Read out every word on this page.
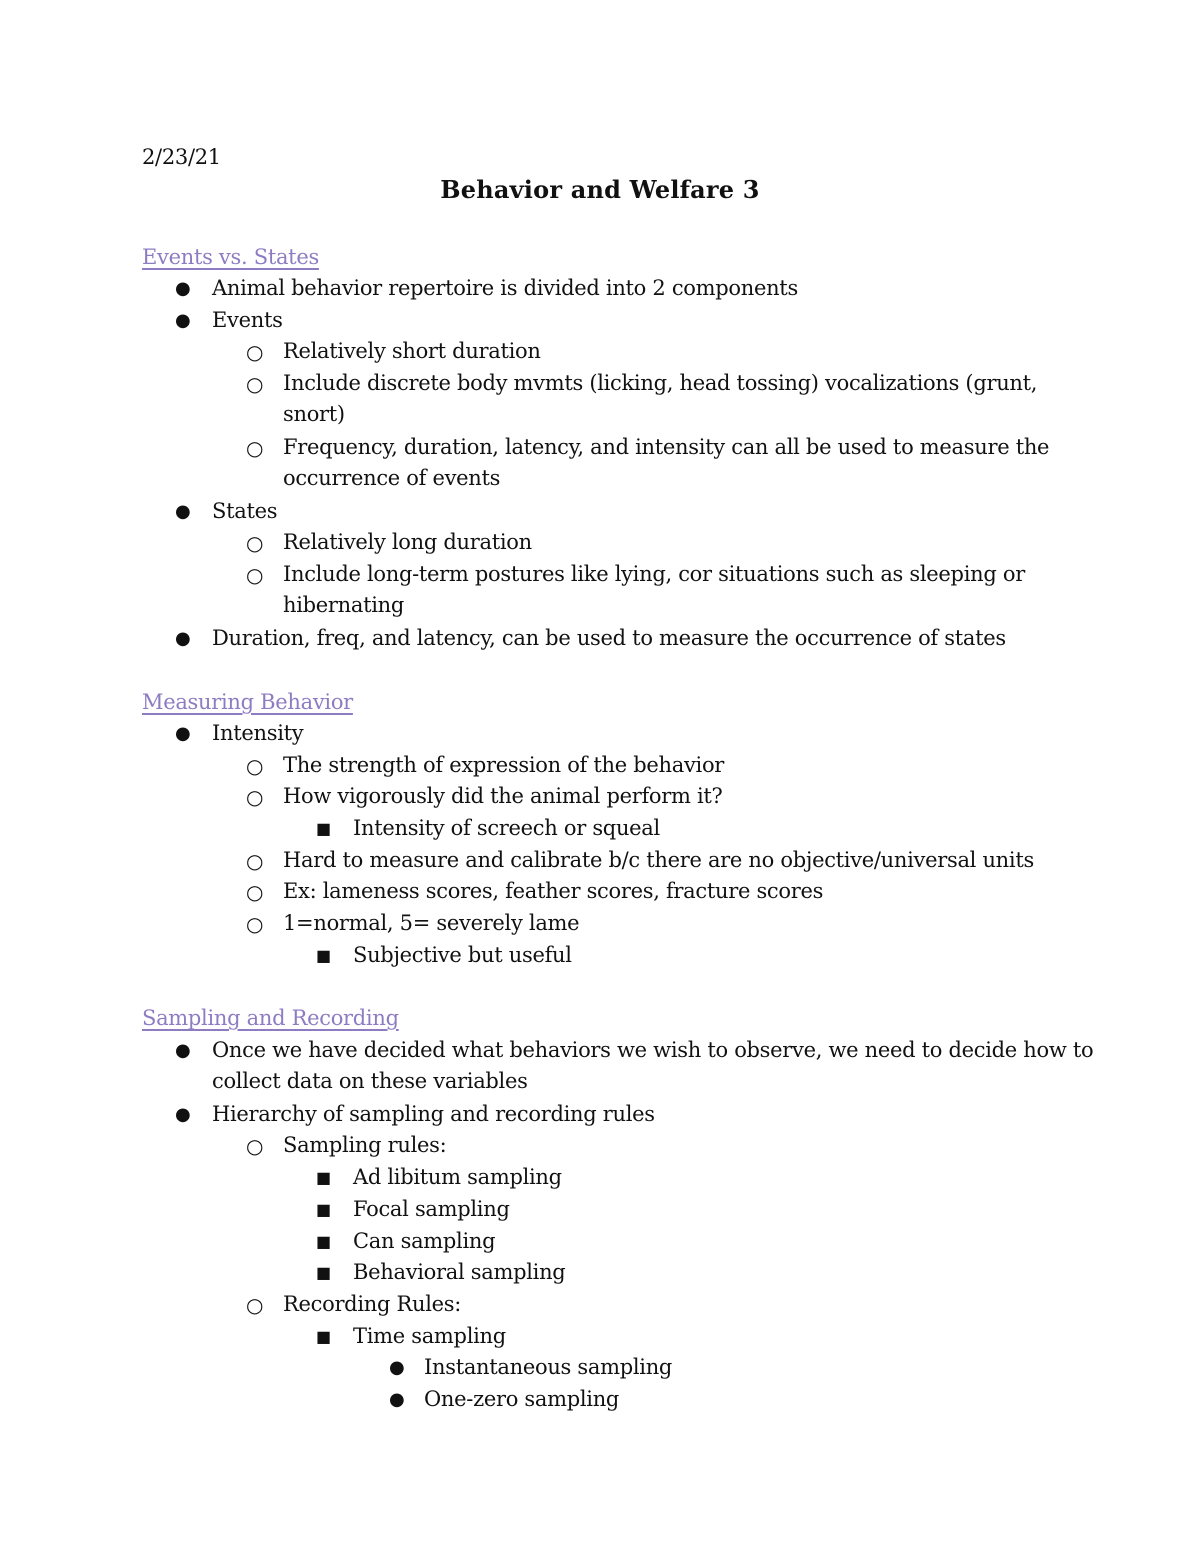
2/23/21
Behavior and Welfare 3
Events vs. States
● Animal behavior repertoire is divided into 2 components
● Events
○ Relatively short duration
○ Include discrete body mvmts (licking, head tossing) vocalizations (grunt,
snort)
○ Frequency, duration, latency, and intensity can all be used to measure the
occurrence of events
● States
○ Relatively long duration
○ Include long-term postures like lying, cor situations such as sleeping or
hibernating
● Duration, freq, and latency, can be used to measure the occurrence of states
Measuring Behavior
● Intensity
○ The strength of expression of the behavior
○ How vigorously did the animal perform it?
■ Intensity of screech or squeal
○ Hard to measure and calibrate b/c there are no objective/universal units
○ Ex: lameness scores, feather scores, fracture scores
○ 1=normal, 5= severely lame
■ Subjective but useful
Sampling and Recording
● Once we have decided what behaviors we wish to observe, we need to decide how to
collect data on these variables
● Hierarchy of sampling and recording rules
○ Sampling rules:
■ Ad libitum sampling
■ Focal sampling
■ Can sampling
■ Behavioral sampling
○ Recording Rules:
■ Time sampling
● Instantaneous sampling
● One-zero sampling
